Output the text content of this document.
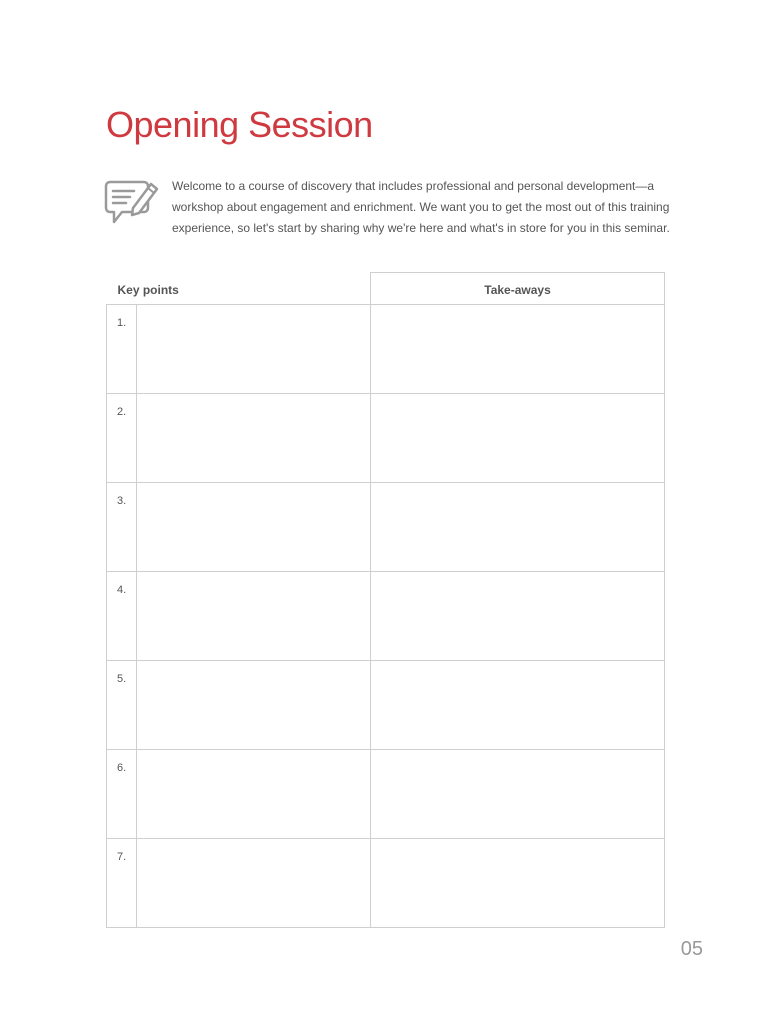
Opening Session
Welcome to a course of discovery that includes professional and personal development—a
workshop about engagement and enrichment. We want you to get the most out of this training
experience, so let's start by sharing why we're here and what's in store for you in this seminar.
Key points		Take-aways
1.		
2.		
3.		
4.		
5.		
6.		
7.		
05
